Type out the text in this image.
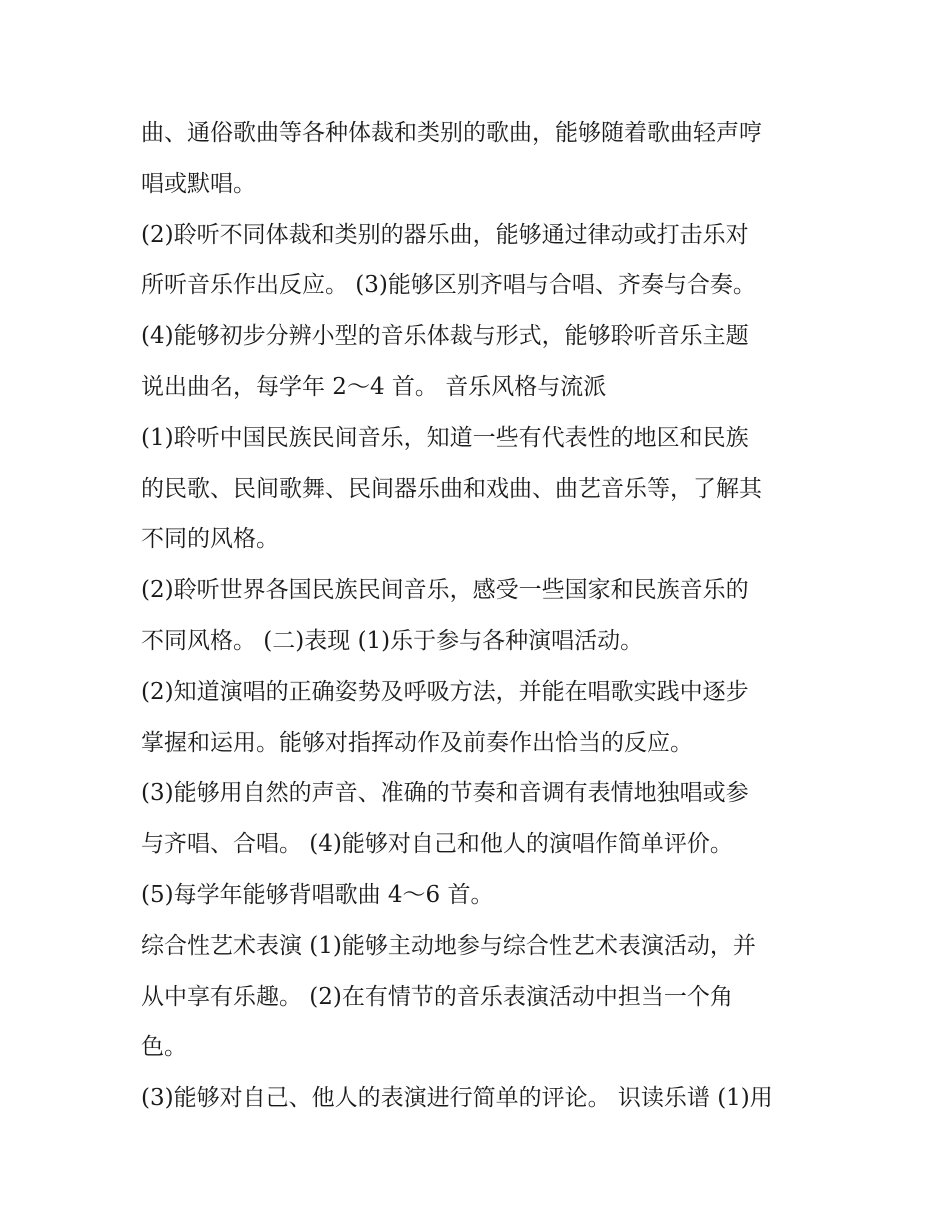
曲、通俗歌曲等各种体裁和类别的歌曲，能够随着歌曲轻声哼
唱或默唱。
(2)聆听不同体裁和类别的器乐曲，能够通过律动或打击乐对
所听音乐作出反应。 (3)能够区别齐唱与合唱、齐奏与合奏。
(4)能够初步分辨小型的音乐体裁与形式，能够聆听音乐主题
说出曲名，每学年 2～4 首。 音乐风格与流派
(1)聆听中国民族民间音乐，知道一些有代表性的地区和民族
的民歌、民间歌舞、民间器乐曲和戏曲、曲艺音乐等，了解其
不同的风格。
(2)聆听世界各国民族民间音乐，感受一些国家和民族音乐的
不同风格。 (二)表现 (1)乐于参与各种演唱活动。
(2)知道演唱的正确姿势及呼吸方法，并能在唱歌实践中逐步
掌握和运用。能够对指挥动作及前奏作出恰当的反应。
(3)能够用自然的声音、准确的节奏和音调有表情地独唱或参
与齐唱、合唱。 (4)能够对自己和他人的演唱作简单评价。
(5)每学年能够背唱歌曲 4～6 首。
综合性艺术表演 (1)能够主动地参与综合性艺术表演活动，并
从中享有乐趣。 (2)在有情节的音乐表演活动中担当一个角
色。
(3)能够对自己、他人的表演进行简单的评论。 识读乐谱 (1)用
